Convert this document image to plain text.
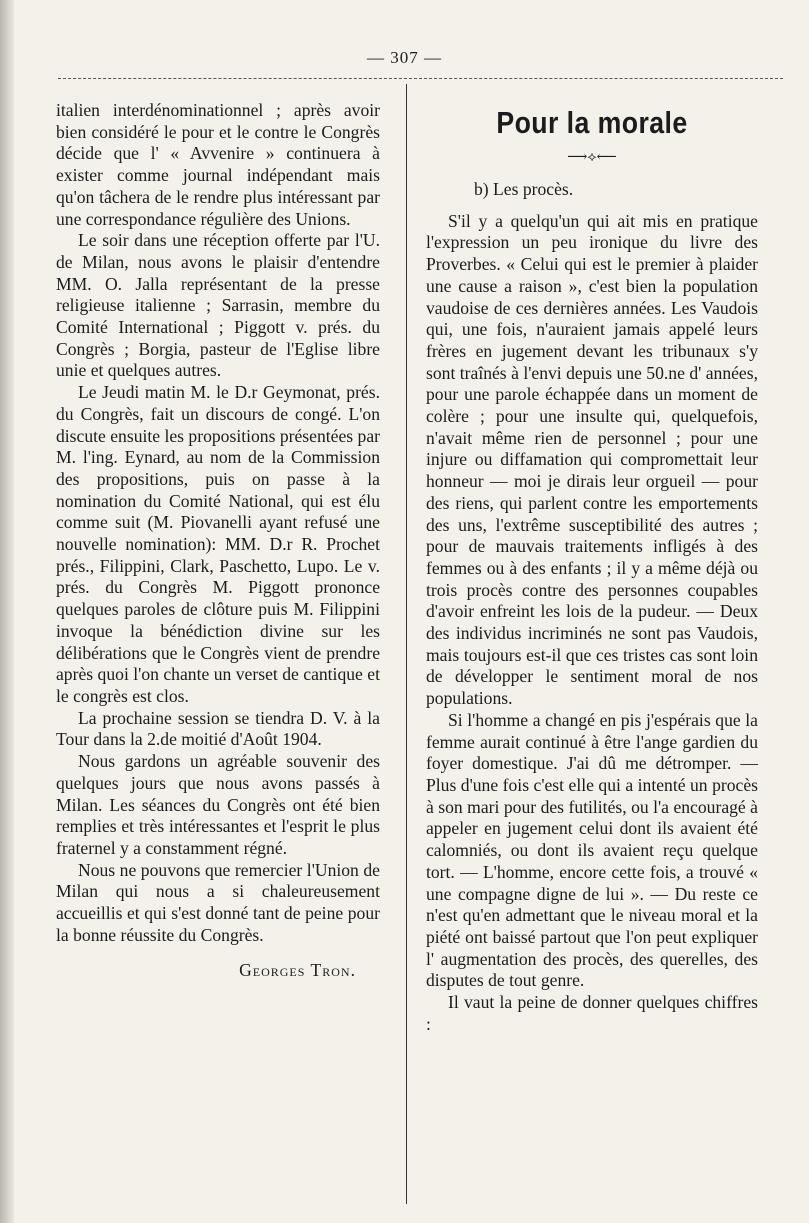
— 307 —

italien interdénominationnel ; après avoir bien considéré le pour et le contre le Congrès décide que l' « Avvenire » continuera à exister comme journal indépendant mais qu'on tâchera de le rendre plus intéressant par une correspondance régulière des Unions.

Le soir dans une réception offerte par l'U. de Milan, nous avons le plaisir d'entendre MM. O. Jalla représentant de la presse religieuse italienne ; Sarrasin, membre du Comité International ; Piggott v. prés. du Congrès ; Borgia, pasteur de l'Eglise libre unie et quelques autres.

Le Jeudi matin M. le D.r Geymonat, prés. du Congrès, fait un discours de congé. L'on discute ensuite les propositions présentées par M. l'ing. Eynard, au nom de la Commission des propositions, puis on passe à la nomination du Comité National, qui est élu comme suit (M. Piovanelli ayant refusé une nouvelle nomination): MM. D.r R. Prochet prés., Filippini, Clark, Paschetto, Lupo. Le v. prés. du Congrès M. Piggott prononce quelques paroles de clôture puis M. Filippini invoque la bénédiction divine sur les délibérations que le Congrès vient de prendre après quoi l'on chante un verset de cantique et le congrès est clos.

La prochaine session se tiendra D. V. à la Tour dans la 2.de moitié d'Août 1904.

Nous gardons un agréable souvenir des quelques jours que nous avons passés à Milan. Les séances du Congrès ont été bien remplies et très intéressantes et l'esprit le plus fraternel y a constamment régné.

Nous ne pouvons que remercier l'Union de Milan qui nous a si chaleureusement accueillis et qui s'est donné tant de peine pour la bonne réussite du Congrès.

Georges Tron.

Pour la morale
⟶⟡⟵

b) Les procès.

S'il y a quelqu'un qui ait mis en pratique l'expression un peu ironique du livre des Proverbes. « Celui qui est le premier à plaider une cause a raison », c'est bien la population vaudoise de ces dernières années. Les Vaudois qui, une fois, n'auraient jamais appelé leurs frères en jugement devant les tribunaux s'y sont traînés à l'envi depuis une 50.ne d' années, pour une parole échappée dans un moment de colère ; pour une insulte qui, quelquefois, n'avait même rien de personnel ; pour une injure ou diffamation qui compromettait leur honneur — moi je dirais leur orgueil — pour des riens, qui parlent contre les emportements des uns, l'extrême susceptibilité des autres ; pour de mauvais traitements infligés à des femmes ou à des enfants ; il y a même déjà ou trois procès contre des personnes coupables d'avoir enfreint les lois de la pudeur. — Deux des individus incriminés ne sont pas Vaudois, mais toujours est-il que ces tristes cas sont loin de développer le sentiment moral de nos populations.

Si l'homme a changé en pis j'espérais que la femme aurait continué à être l'ange gardien du foyer domestique. J'ai dû me détromper. — Plus d'une fois c'est elle qui a intenté un procès à son mari pour des futilités, ou l'a encouragé à appeler en jugement celui dont ils avaient été calomniés, ou dont ils avaient reçu quelque tort. — L'homme, encore cette fois, a trouvé « une compagne digne de lui ». — Du reste ce n'est qu'en admettant que le niveau moral et la piété ont baissé partout que l'on peut expliquer l' augmentation des procès, des querelles, des disputes de tout genre.

Il vaut la peine de donner quelques chiffres :
